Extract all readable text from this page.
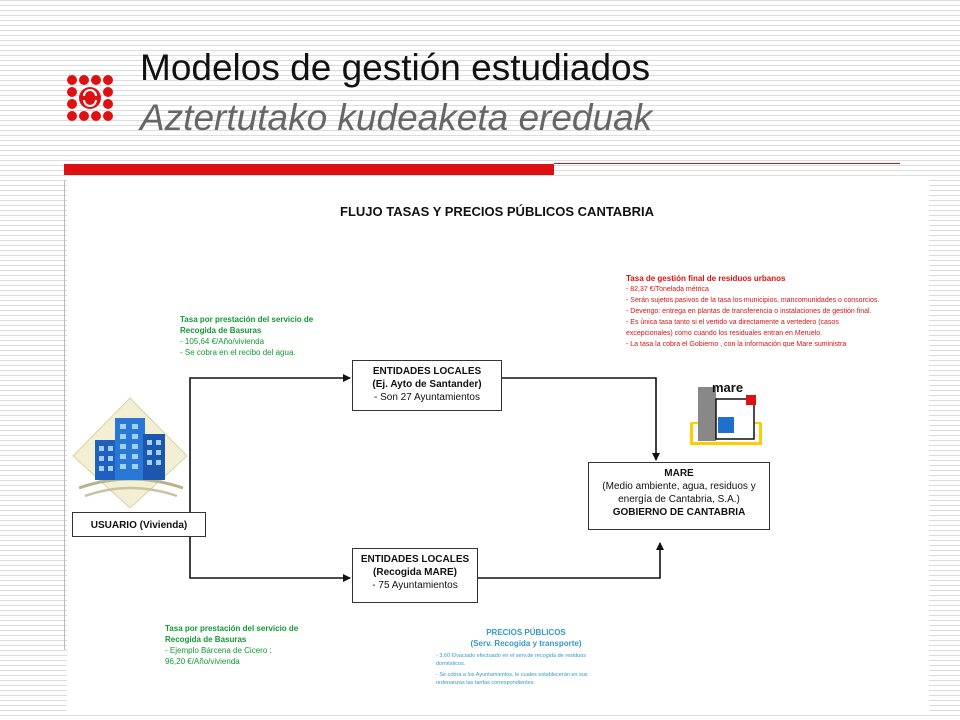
Modelos de gestión estudiados
Aztertutako kudeaketa ereduak
FLUJO TASAS Y PRECIOS PÚBLICOS CANTABRIA
mare
USUARIO (Vivienda)
ENTIDADES LOCALES
(Ej. Ayto de Santander)
- Son 27 Ayuntamientos
ENTIDADES LOCALES
(Recogida MARE)
- 75 Ayuntamientos
MARE
(Medio ambiente, agua, residuos y
energía de Cantabria, S.A.)
GOBIERNO DE CANTABRIA
Tasa por prestación del servicio de
Recogida de Basuras
- 105,64 €/Año/vivienda
- Se cobra en el recibo del agua.
Tasa por prestación del servicio de
Recogida de Basuras
- Ejemplo Bárcena de Cicero :
96,20 €/Año/vivienda
Tasa de gestión final de residuos urbanos
- 82,37 €/Tonelada métrica
- Serán sujetos pasivos de la tasa los municipios, mancomunidades o consorcios.
- Devengo: entrega en plantas de transferencia o instalaciones de gestión final.
- Es única tasa tanto si el vertido va directamente a vertedero (casos
excepcionales) como cuando los residuales entran en Meruelo.
- La tasa la cobra el Gobierno , con la información que Mare suministra
PRECIOS PÚBLICOS
(Serv. Recogida y transporte)
- 3,60 €/vaciado efectuado en el serv.de recogida de residuos domésticos.
- Se cobra a los Ayuntamientos, le cuales establecerán en sus ordenanzas las tarifas correspondientes.
